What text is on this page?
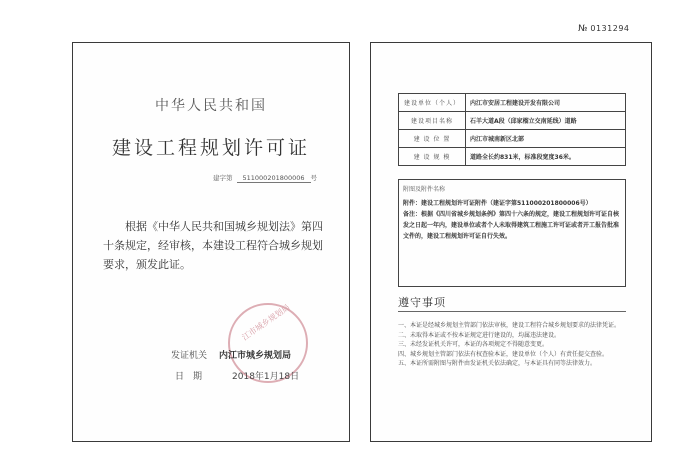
中华人民共和国
建设工程规划许可证
建字第 511000201800006 号
根据《中华人民共和国城乡规划法》第四十条规定，经审核，本建设工程符合城乡规划要求，颁发此证。
江市城乡规划局
发证机关 内江市城乡规划局
日　期	2018年1月18日
№ 0131294
建设单位（个人）	内江市安居工程建设开发有限公司
建设项目名称	石羊大道A段（邱家榴立交南延线）道路
建 设 位 置	内江市城南新区北部
建 设 规 模	道路全长约831米，标准段宽度36米。
附图及附件名称
附件：建设工程规划许可证附件（建证字第511000201800006号）
备注：根据《四川省城乡规划条例》第四十六条的规定，建设工程规划许可证自核发之日起一年内，建设单位或者个人未取得建筑工程施工许可证或者开工报告批准文件的，建设工程规划许可证自行失效。
遵守事项
一、本证是经城乡规划主管部门依法审核，建设工程符合城乡规划要求的法律凭证。
二、未取得本证或不按本证规定进行建设的，均属违法建设。
三、未经发证机关许可，本证的各项规定不得随意变更。
四、城乡规划主管部门依法有权查验本证，建设单位（个人）有责任提交查验。
五、本证所需附图与附件由发证机关依法确定，与本证具有同等法律效力。
